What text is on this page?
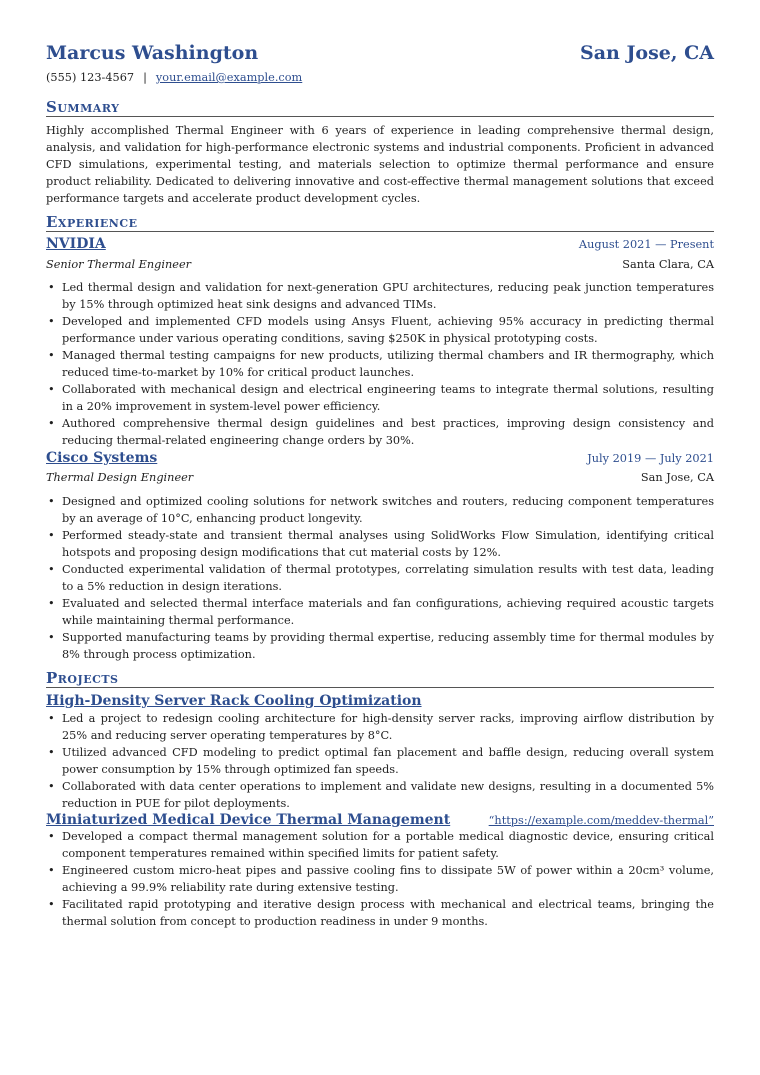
Marcus Washington	San Jose, CA
(555) 123-4567 | your.email@example.com
Summary
Highly accomplished Thermal Engineer with 6 years of experience in leading comprehensive thermal design, analysis, and validation for high-performance electronic systems and industrial components. Proficient in advanced CFD simulations, experimental testing, and materials selection to optimize thermal performance and ensure product reliability. Dedicated to delivering innovative and cost-effective thermal management solutions that exceed performance targets and accelerate product development cycles.
Experience
NVIDIA	August 2021 — Present
Senior Thermal Engineer	Santa Clara, CA
• Led thermal design and validation for next-generation GPU architectures, reducing peak junction temperatures by 15% through optimized heat sink designs and advanced TIMs.
• Developed and implemented CFD models using Ansys Fluent, achieving 95% accuracy in predicting thermal performance under various operating conditions, saving $250K in physical prototyping costs.
• Managed thermal testing campaigns for new products, utilizing thermal chambers and IR thermography, which reduced time-to-market by 10% for critical product launches.
• Collaborated with mechanical design and electrical engineering teams to integrate thermal solutions, resulting in a 20% improvement in system-level power efficiency.
• Authored comprehensive thermal design guidelines and best practices, improving design consistency and reducing thermal-related engineering change orders by 30%.
Cisco Systems	July 2019 — July 2021
Thermal Design Engineer	San Jose, CA
• Designed and optimized cooling solutions for network switches and routers, reducing component temperatures by an average of 10°C, enhancing product longevity.
• Performed steady-state and transient thermal analyses using SolidWorks Flow Simulation, identifying critical hotspots and proposing design modifications that cut material costs by 12%.
• Conducted experimental validation of thermal prototypes, correlating simulation results with test data, leading to a 5% reduction in design iterations.
• Evaluated and selected thermal interface materials and fan configurations, achieving required acoustic targets while maintaining thermal performance.
• Supported manufacturing teams by providing thermal expertise, reducing assembly time for thermal modules by 8% through process optimization.
Projects
High-Density Server Rack Cooling Optimization
• Led a project to redesign cooling architecture for high-density server racks, improving airflow distribution by 25% and reducing server operating temperatures by 8°C.
• Utilized advanced CFD modeling to predict optimal fan placement and baffle design, reducing overall system power consumption by 15% through optimized fan speeds.
• Collaborated with data center operations to implement and validate new designs, resulting in a documented 5% reduction in PUE for pilot deployments.
Miniaturized Medical Device Thermal Management	“https://example.com/meddev-thermal”
• Developed a compact thermal management solution for a portable medical diagnostic device, ensuring critical component temperatures remained within specified limits for patient safety.
• Engineered custom micro-heat pipes and passive cooling fins to dissipate 5W of power within a 20cm³ volume, achieving a 99.9% reliability rate during extensive testing.
• Facilitated rapid prototyping and iterative design process with mechanical and electrical teams, bringing the thermal solution from concept to production readiness in under 9 months.
